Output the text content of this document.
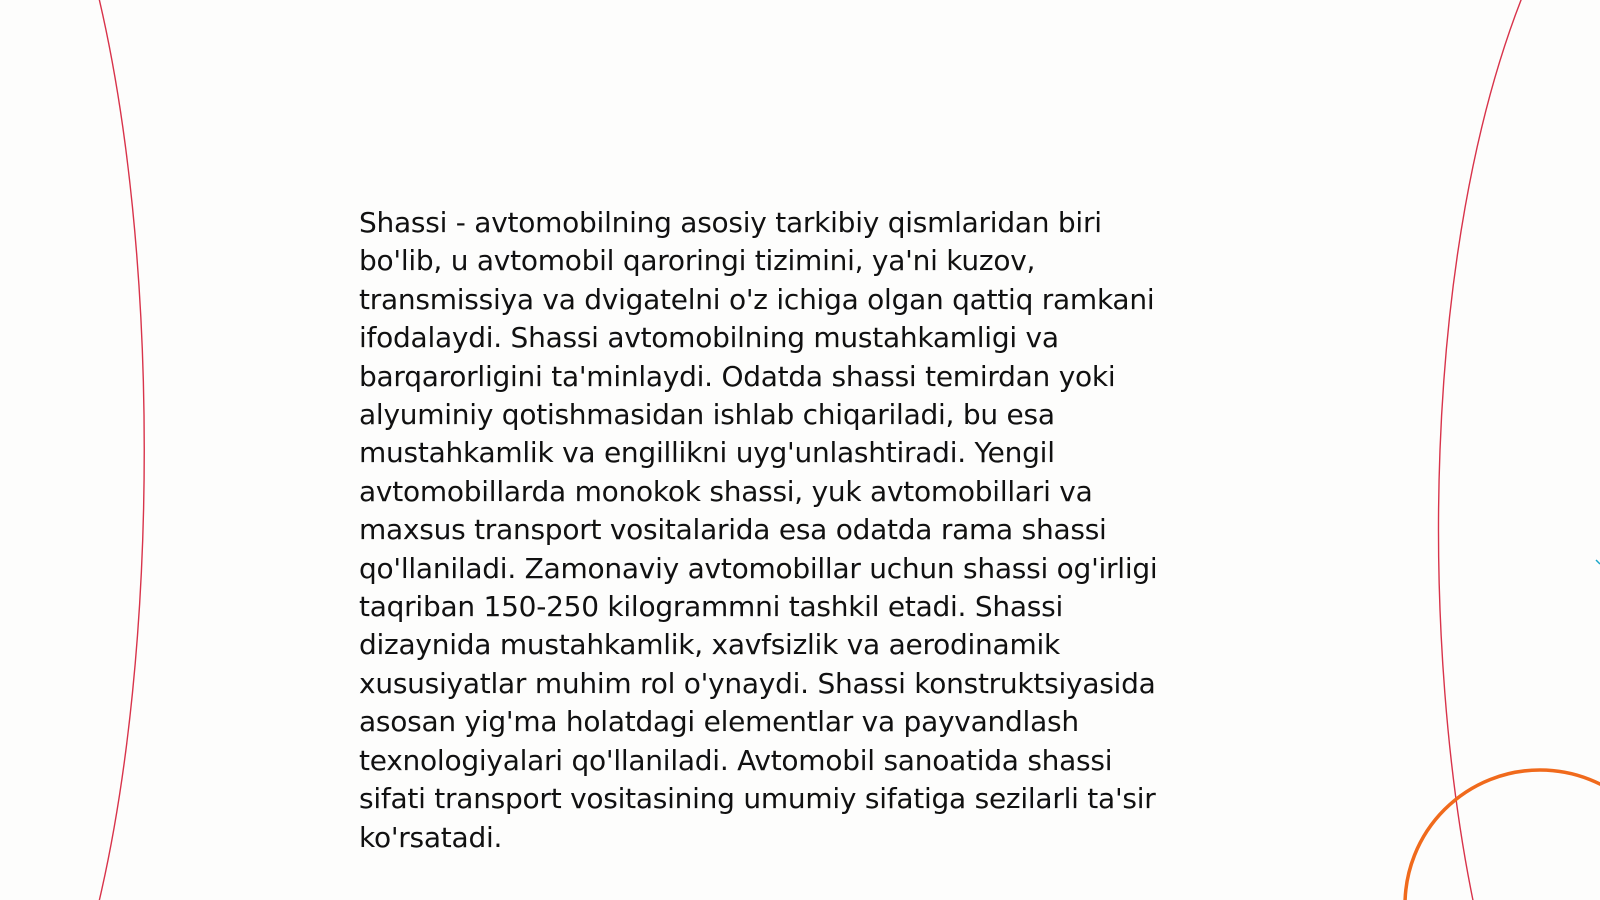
Shassi - avtomobilning asosiy tarkibiy qismlaridan biri
bo'lib, u avtomobil qaroringi tizimini, ya'ni kuzov,
transmissiya va dvigatelni o'z ichiga olgan qattiq ramkani
ifodalaydi. Shassi avtomobilning mustahkamligi va
barqarorligini ta'minlaydi. Odatda shassi temirdan yoki
alyuminiy qotishmasidan ishlab chiqariladi, bu esa
mustahkamlik va engillikni uyg'unlashtiradi. Yengil
avtomobillarda monokok shassi, yuk avtomobillari va
maxsus transport vositalarida esa odatda rama shassi
qo'llaniladi. Zamonaviy avtomobillar uchun shassi og'irligi
taqriban 150-250 kilogrammni tashkil etadi. Shassi
dizaynida mustahkamlik, xavfsizlik va aerodinamik
xususiyatlar muhim rol o'ynaydi. Shassi konstruktsiyasida
asosan yig'ma holatdagi elementlar va payvandlash
texnologiyalari qo'llaniladi. Avtomobil sanoatida shassi
sifati transport vositasining umumiy sifatiga sezilarli ta'sir
ko'rsatadi.
